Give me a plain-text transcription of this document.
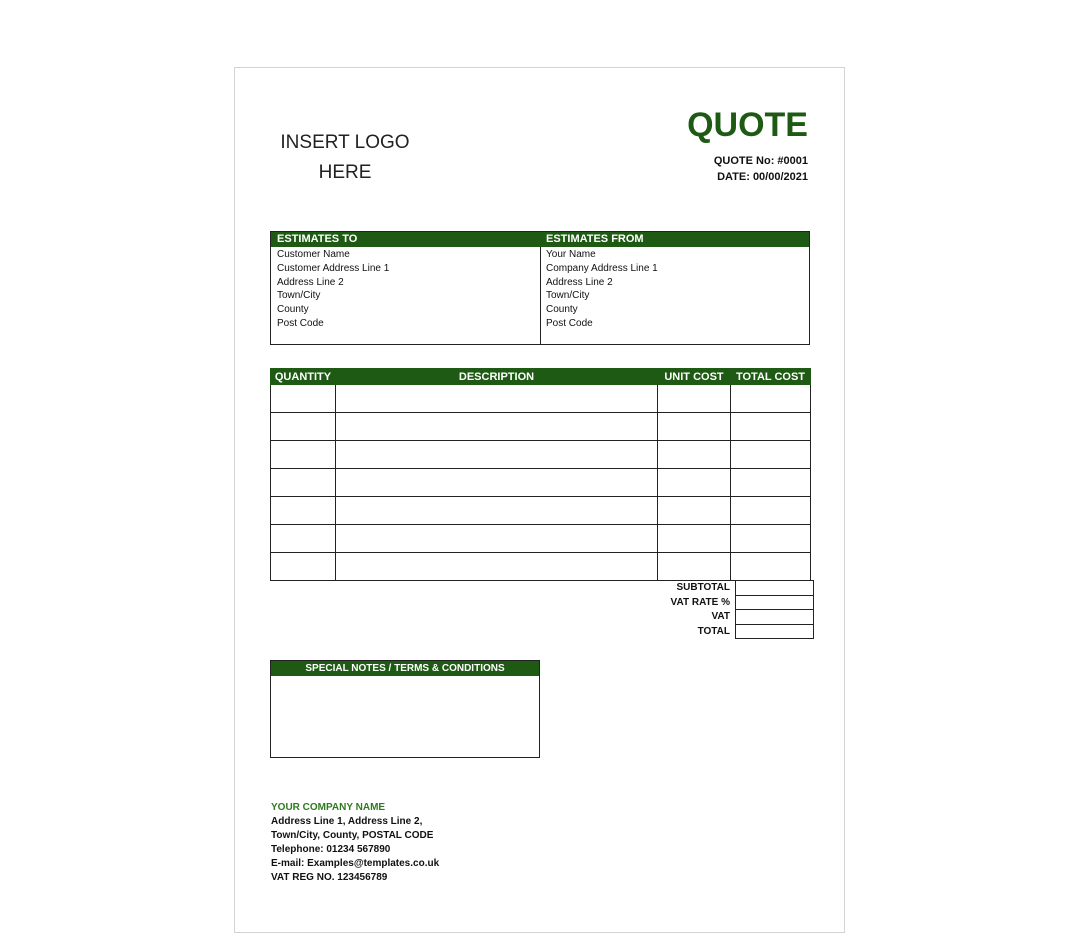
INSERT LOGO
HERE
QUOTE
QUOTE No: #0001
DATE: 00/00/2021
ESTIMATES TO
Customer Name
Customer Address Line 1
Address Line 2
Town/City
County
Post Code
ESTIMATES FROM
Your Name
Company Address Line 1
Address Line 2
Town/City
County
Post Code
QUANTITY	DESCRIPTION	UNIT COST	TOTAL COST

SUBTOTAL	
VAT RATE %	
VAT	
TOTAL	
SPECIAL NOTES / TERMS & CONDITIONS
YOUR COMPANY NAME
Address Line 1, Address Line 2,
Town/City, County, POSTAL CODE
Telephone: 01234 567890
E-mail: Examples@templates.co.uk
VAT REG NO. 123456789
